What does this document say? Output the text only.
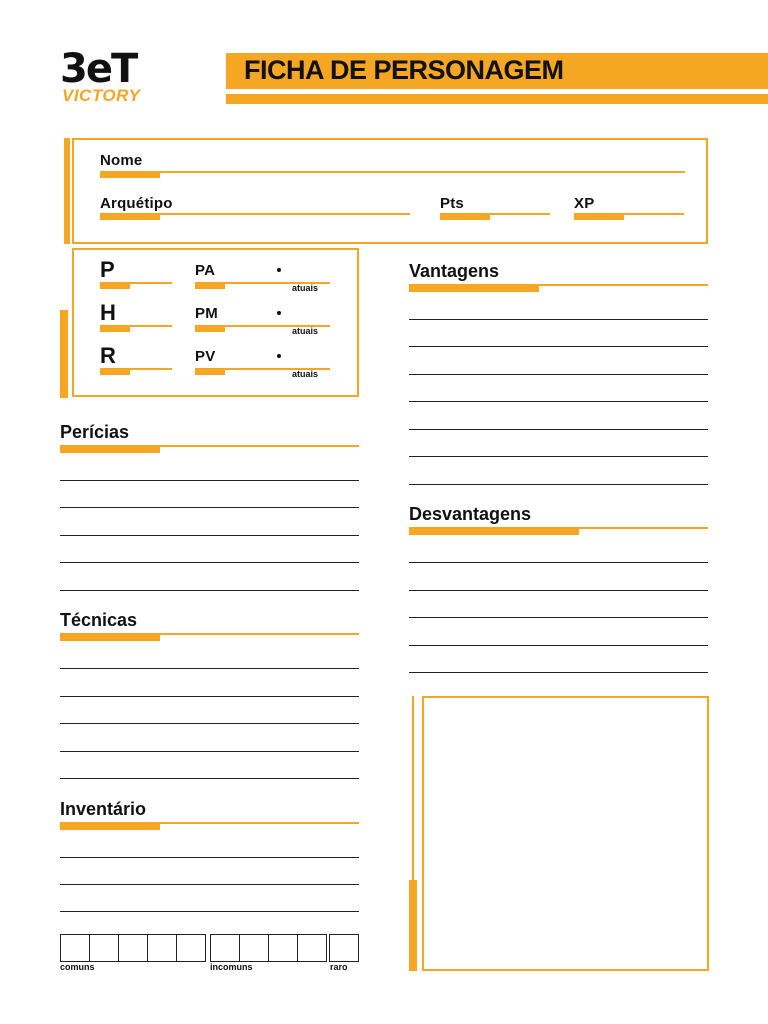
3eT
VICTORY
FICHA DE PERSONAGEM
Nome
Arquétipo	Pts	XP
P	PA
atuais
H	PM
atuais
R	PV
atuais
Perícias
Técnicas
Inventário
comuns	incomuns	raro
Vantagens
Desvantagens
